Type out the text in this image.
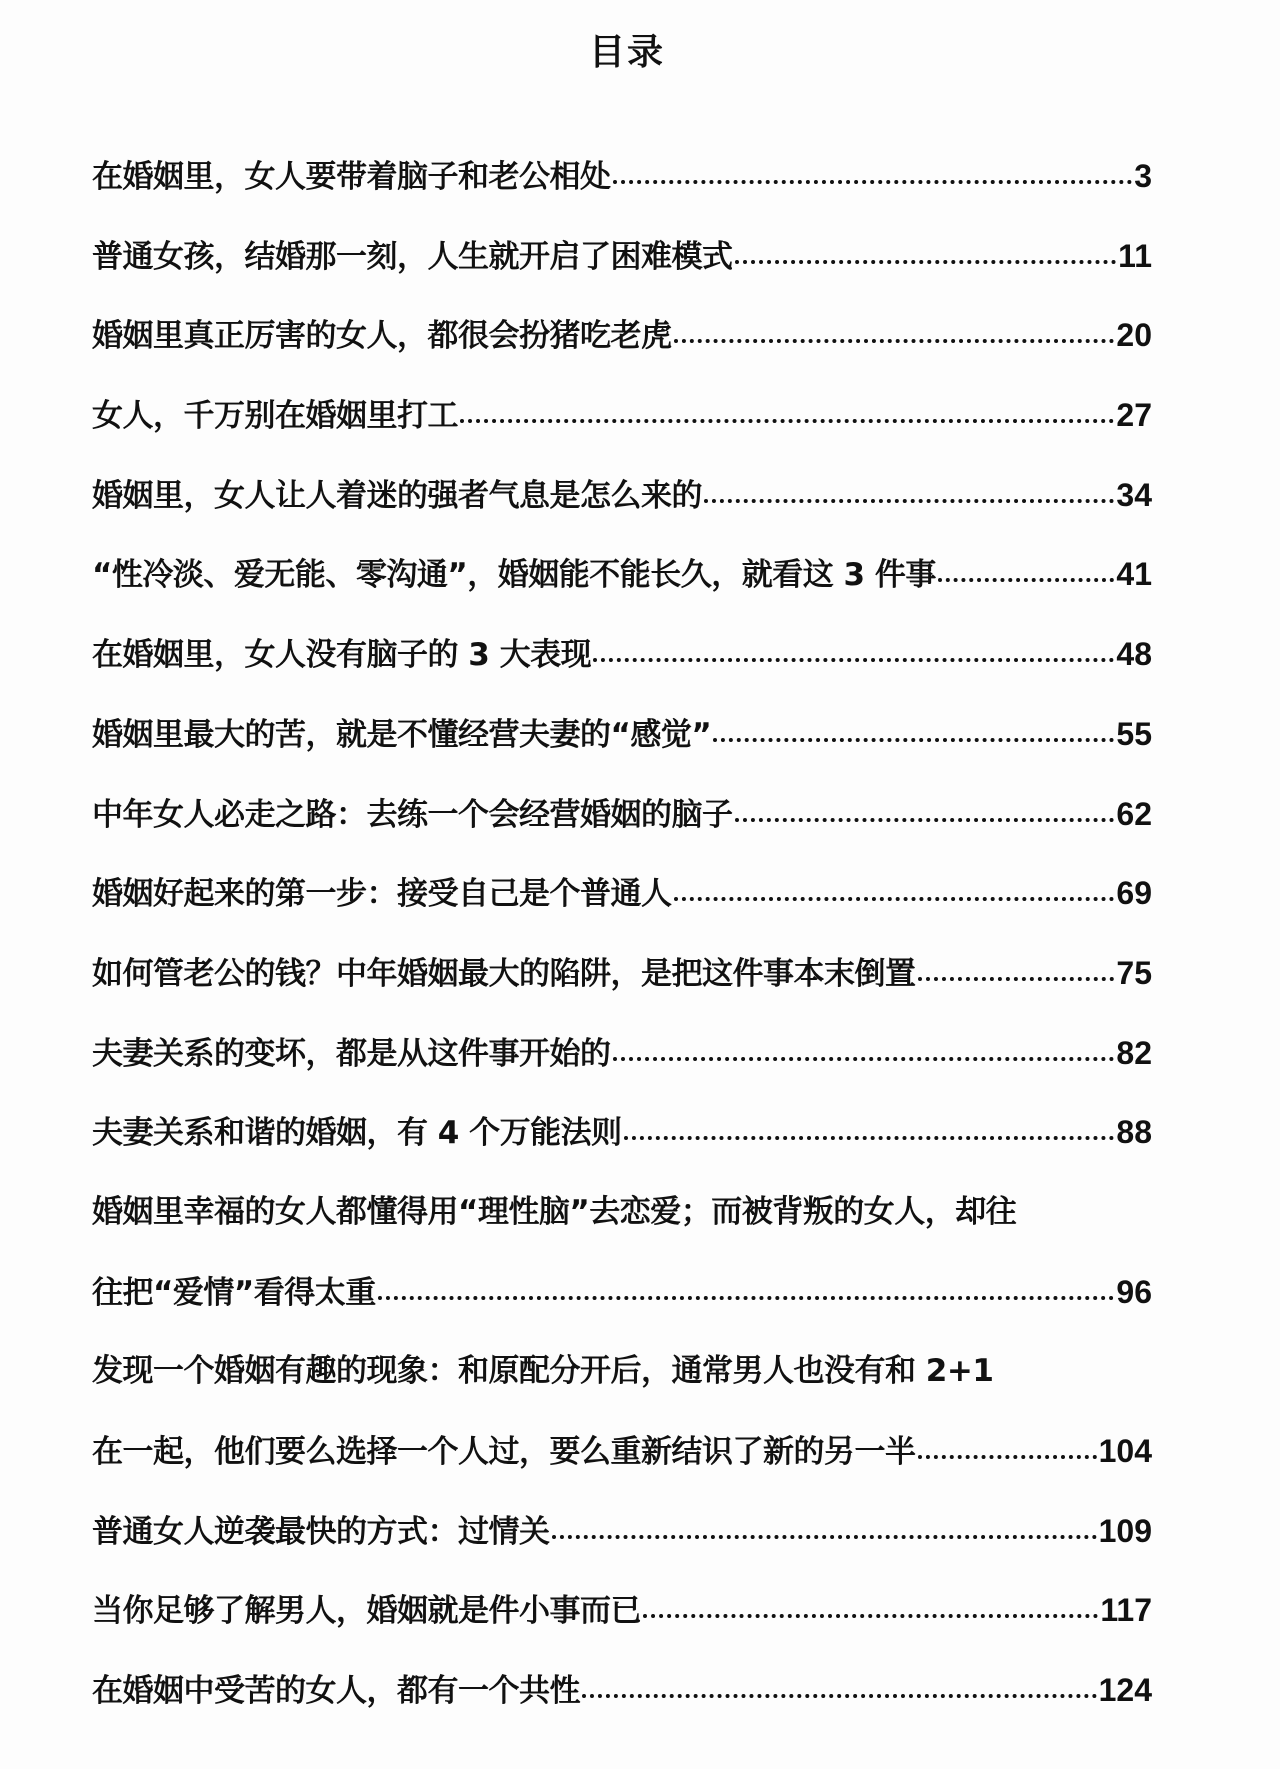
目录
在婚姻里，女人要带着脑子和老公相处	3
普通女孩，结婚那一刻，人生就开启了困难模式	11
婚姻里真正厉害的女人，都很会扮猪吃老虎	20
女人，千万别在婚姻里打工	27
婚姻里，女人让人着迷的强者气息是怎么来的	34
“性冷淡、爱无能、零沟通”，婚姻能不能长久，就看这 3 件事	41
在婚姻里，女人没有脑子的 3 大表现	48
婚姻里最大的苦，就是不懂经营夫妻的“感觉”	55
中年女人必走之路：去练一个会经营婚姻的脑子	62
婚姻好起来的第一步：接受自己是个普通人	69
如何管老公的钱？中年婚姻最大的陷阱，是把这件事本末倒置	75
夫妻关系的变坏，都是从这件事开始的	82
夫妻关系和谐的婚姻，有 4 个万能法则	88
婚姻里幸福的女人都懂得用“理性脑”去恋爱；而被背叛的女人，却往
往把“爱情”看得太重	96
发现一个婚姻有趣的现象：和原配分开后，通常男人也没有和 2+1
在一起，他们要么选择一个人过，要么重新结识了新的另一半	104
普通女人逆袭最快的方式：过情关	109
当你足够了解男人，婚姻就是件小事而已	117
在婚姻中受苦的女人，都有一个共性	124
